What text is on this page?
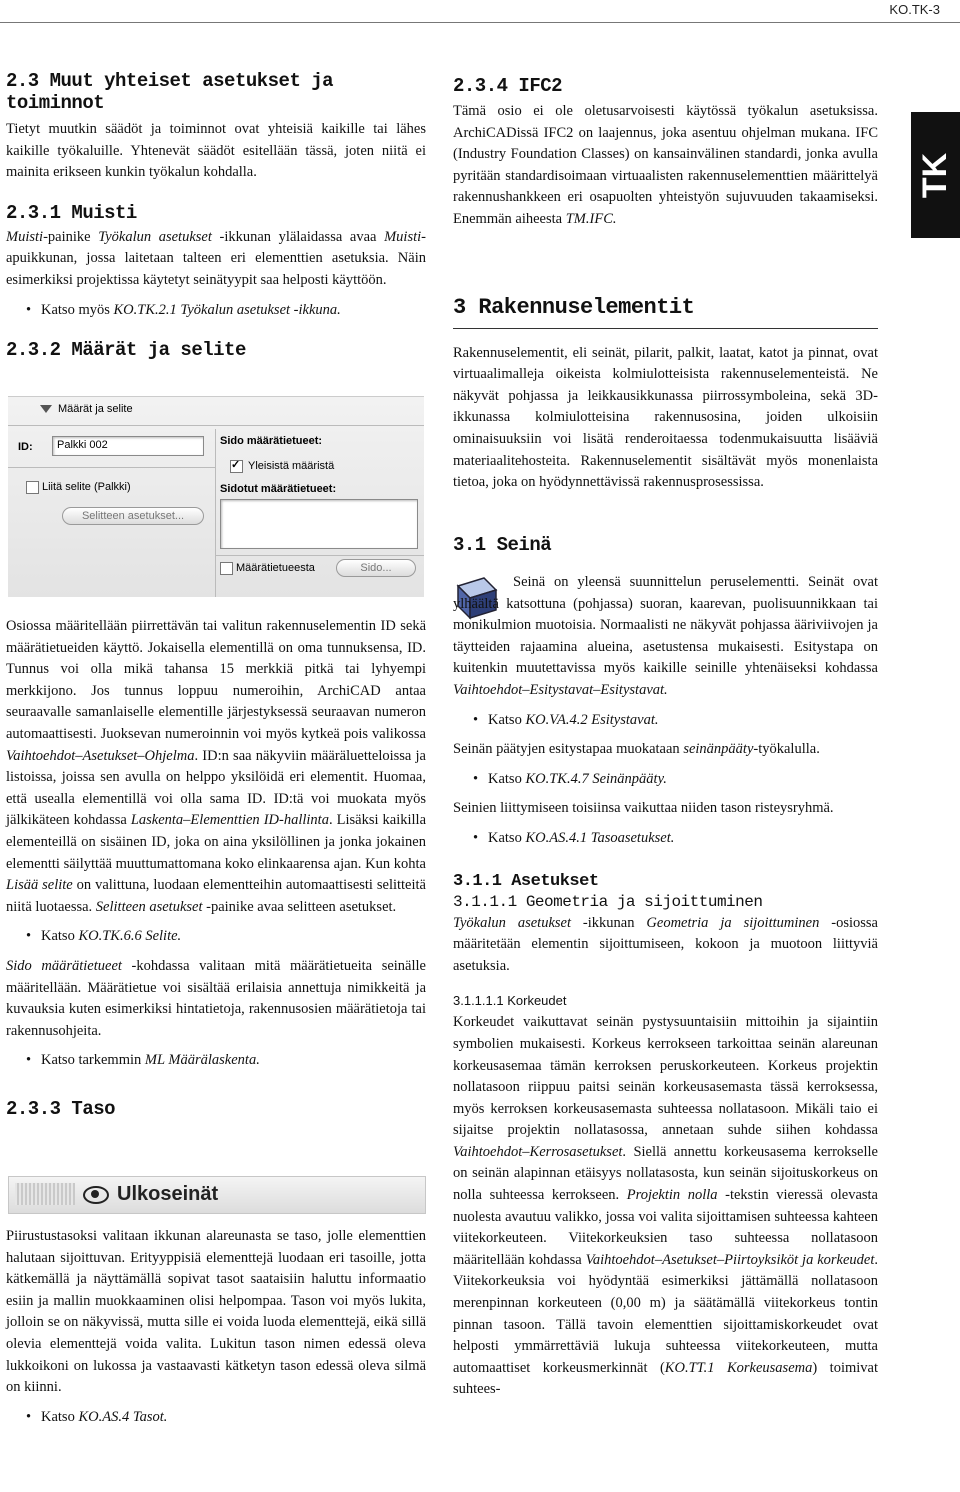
KO.TK-3
TK
2.3 Muut yhteiset asetukset ja toiminnot

Tietyt muutkin säädöt ja toiminnot ovat yhteisiä kaikille tai lähes kaikille työkaluille. Yhtenevät säädöt esitellään tässä, joten niitä ei mainita erikseen kunkin työkalun kohdalla.

2.3.1 Muisti

Muisti-painike Työkalun asetukset -ikkunan ylälaidassa avaa Muisti-apuikkunan, jossa laitetaan talteen eri elementtien asetuksia. Näin esimerkiksi projektissa käytetyt seinätyypit saa helposti käyttöön.

• Katso myös KO.TK.2.1 Työkalun asetukset -ikkuna.
2.3.2 Määrät ja selite
Määrät ja selite
ID: Palkki 002	Sido määrätietueet:
✓ Yleisistä määristä
Sidotut määrätietueet:
Liitä selite (Palkki)
Selitteen asetukset...
Määrätietueesta	Sido...

Osiossa määritellään piirrettävän tai valitun rakennuselementin ID sekä määrätietueiden käyttö. Jokaisella elementillä on oma tunnuksensa, ID. Tunnus voi olla mikä tahansa 15 merkkiä pitkä tai lyhyempi merkkijono. Jos tunnus loppuu numeroihin, ArchiCAD antaa seuraavalle samanlaiselle elementille järjestyksessä seuraavan numeron automaattisesti. Juoksevan numeroinnin voi myös kytkeä pois valikossa Vaihtoehdot–Asetukset–Ohjelma. ID:n saa näkyviin määräluetteloissa ja listoissa, joissa sen avulla on helppo yksilöidä eri elementit. Huomaa, että usealla elementillä voi olla sama ID. ID:tä voi muokata myös jälkikäteen kohdassa Laskenta–Elementtien ID-hallinta. Lisäksi kaikilla elementeillä on sisäinen ID, joka on aina yksilöllinen ja jonka jokainen elementti säilyttää muuttumattomana koko elinkaarensa ajan. Kun kohta Lisää selite on valittuna, luodaan elementteihin automaattisesti selitteitä niitä luotaessa. Selitteen asetukset -painike avaa selitteen asetukset.

• Katso KO.TK.6.6 Selite.

Sido määrätietueet -kohdassa valitaan mitä määrätietueita seinälle määritellään. Määrätietue voi sisältää erilaisia annettuja nimikkeitä ja kuvauksia kuten esimerkiksi hintatietoja, rakennusosien määrätietoja tai rakennusohjeita.

• Katso tarkemmin ML Määrälaskenta.
2.3.3 Taso
Ulkoseinät

Piirustustasoksi valitaan ikkunan alareunasta se taso, jolle elementtien halutaan sijoittuvan. Erityyppisiä elementtejä luodaan eri tasoille, jotta kätkemällä ja näyttämällä sopivat tasot saataisiin haluttu informaatio esiin ja mallin muokkaaminen olisi helpompaa. Tason voi myös lukita, jolloin se on näkyvissä, mutta sille ei voida luoda elementtejä, eikä sillä olevia elementtejä voida valita. Lukitun tason nimen edessä oleva lukkoikoni on lukossa ja vastaavasti kätketyn tason edessä oleva silmä on kiinni.

• Katso KO.AS.4 Tasot.
2.3.4 IFC2

Tämä osio ei ole oletusarvoisesti käytössä työkalun asetuksissa. ArchiCADissä IFC2 on laajennus, joka asentuu ohjelman mukana. IFC (Industry Foundation Classes) on kansainvälinen standardi, jonka avulla pyritään standardisoimaan virtuaalisten rakennuselementtien määrittelyä rakennushankkeen eri osapuolten yhteistyön sujuvuuden takaamiseksi. Enemmän aiheesta TM.IFC.

3 Rakennuselementit

Rakennuselementit, eli seinät, pilarit, palkit, laatat, katot ja pinnat, ovat virtuaalimalleja oikeista kolmiulotteisista rakennuselementeistä. Ne näkyvät pohjassa ja leikkausikkunassa piirrossymboleina, sekä 3D-ikkunassa kolmiulotteisina rakennusosina, joiden ulkoisiin ominaisuuksiin voi lisätä renderoitaessa todenmukaisuutta lisääviä materiaalitehosteita. Rakennuselementit sisältävät myös monenlaista tietoa, joka on hyödynnettävissä rakennusprosessissa.

3.1 Seinä

Seinä on yleensä suunnittelun peruselementti. Seinät ovat ylhäältä katsottuna (pohjassa) suoran, kaarevan, puolisuunnikkaan tai monikulmion muotoisia. Normaalisti ne näkyvät pohjassa ääriviivojen ja täytteiden rajaamina alueina, asetustensa mukaisesti. Esitystapa on kuitenkin muutettavissa myös kaikille seinille yhtenäiseksi kohdassa Vaihtoehdot–Esitystavat–Esitystavat.

• Katso KO.VA.4.2 Esitystavat.

Seinän päätyjen esitystapaa muokataan seinänpääty-työkalulla.

• Katso KO.TK.4.7 Seinänpääty.

Seinien liittymiseen toisiinsa vaikuttaa niiden tason risteysryhmä.

• Katso KO.AS.4.1 Tasoasetukset.
3.1.1 Asetukset
3.1.1.1 Geometria ja sijoittuminen

Työkalun asetukset -ikkunan Geometria ja sijoittuminen -osiossa määritetään elementin sijoittumiseen, kokoon ja muotoon liittyviä asetuksia.

3.1.1.1.1 Korkeudet

Korkeudet vaikuttavat seinän pystysuuntaisiin mittoihin ja sijaintiin symbolien mukaisesti. Korkeus kerrokseen tarkoittaa seinän alareunan korkeusasemaa tämän kerroksen peruskorkeuteen. Korkeus projektin nollatasoon riippuu paitsi seinän korkeusasemasta tässä kerroksessa, myös kerroksen korkeusasemasta suhteessa nollatasoon. Mikäli taio ei sijaitse projektin nollatasossa, annetaan suhde siihen kohdassa Vaihtoehdot–Kerrosasetukset. Siellä annettu korkeusasema kerrokselle on seinän alapinnan etäisyys nollatasosta, kun seinän sijoituskorkeus on nolla suhteessa kerrokseen. Projektin nolla -tekstin vieressä olevasta nuolesta avautuu valikko, jossa voi valita sijoittamisen suhteessa kahteen viitekorkeuteen. Viitekorkeuksien taso suhteessa nollatasoon määritellään kohdassa Vaihtoehdot–Asetukset–Piirtoyksiköt ja korkeudet. Viitekorkeuksia voi hyödyntää esimerkiksi jättämällä nollatasoon merenpinnan korkeuteen (0,00 m) ja säätämällä viitekorkeus tontin pinnan tasoon. Tällä tavoin elementtien sijoittamiskorkeudet ovat helposti ymmärrettäviä lukuja suhteessa viitekorkeuteen, mutta automaattiset korkeusmerkinnät (KO.TT.1 Korkeusasema) toimivat suhtees-
